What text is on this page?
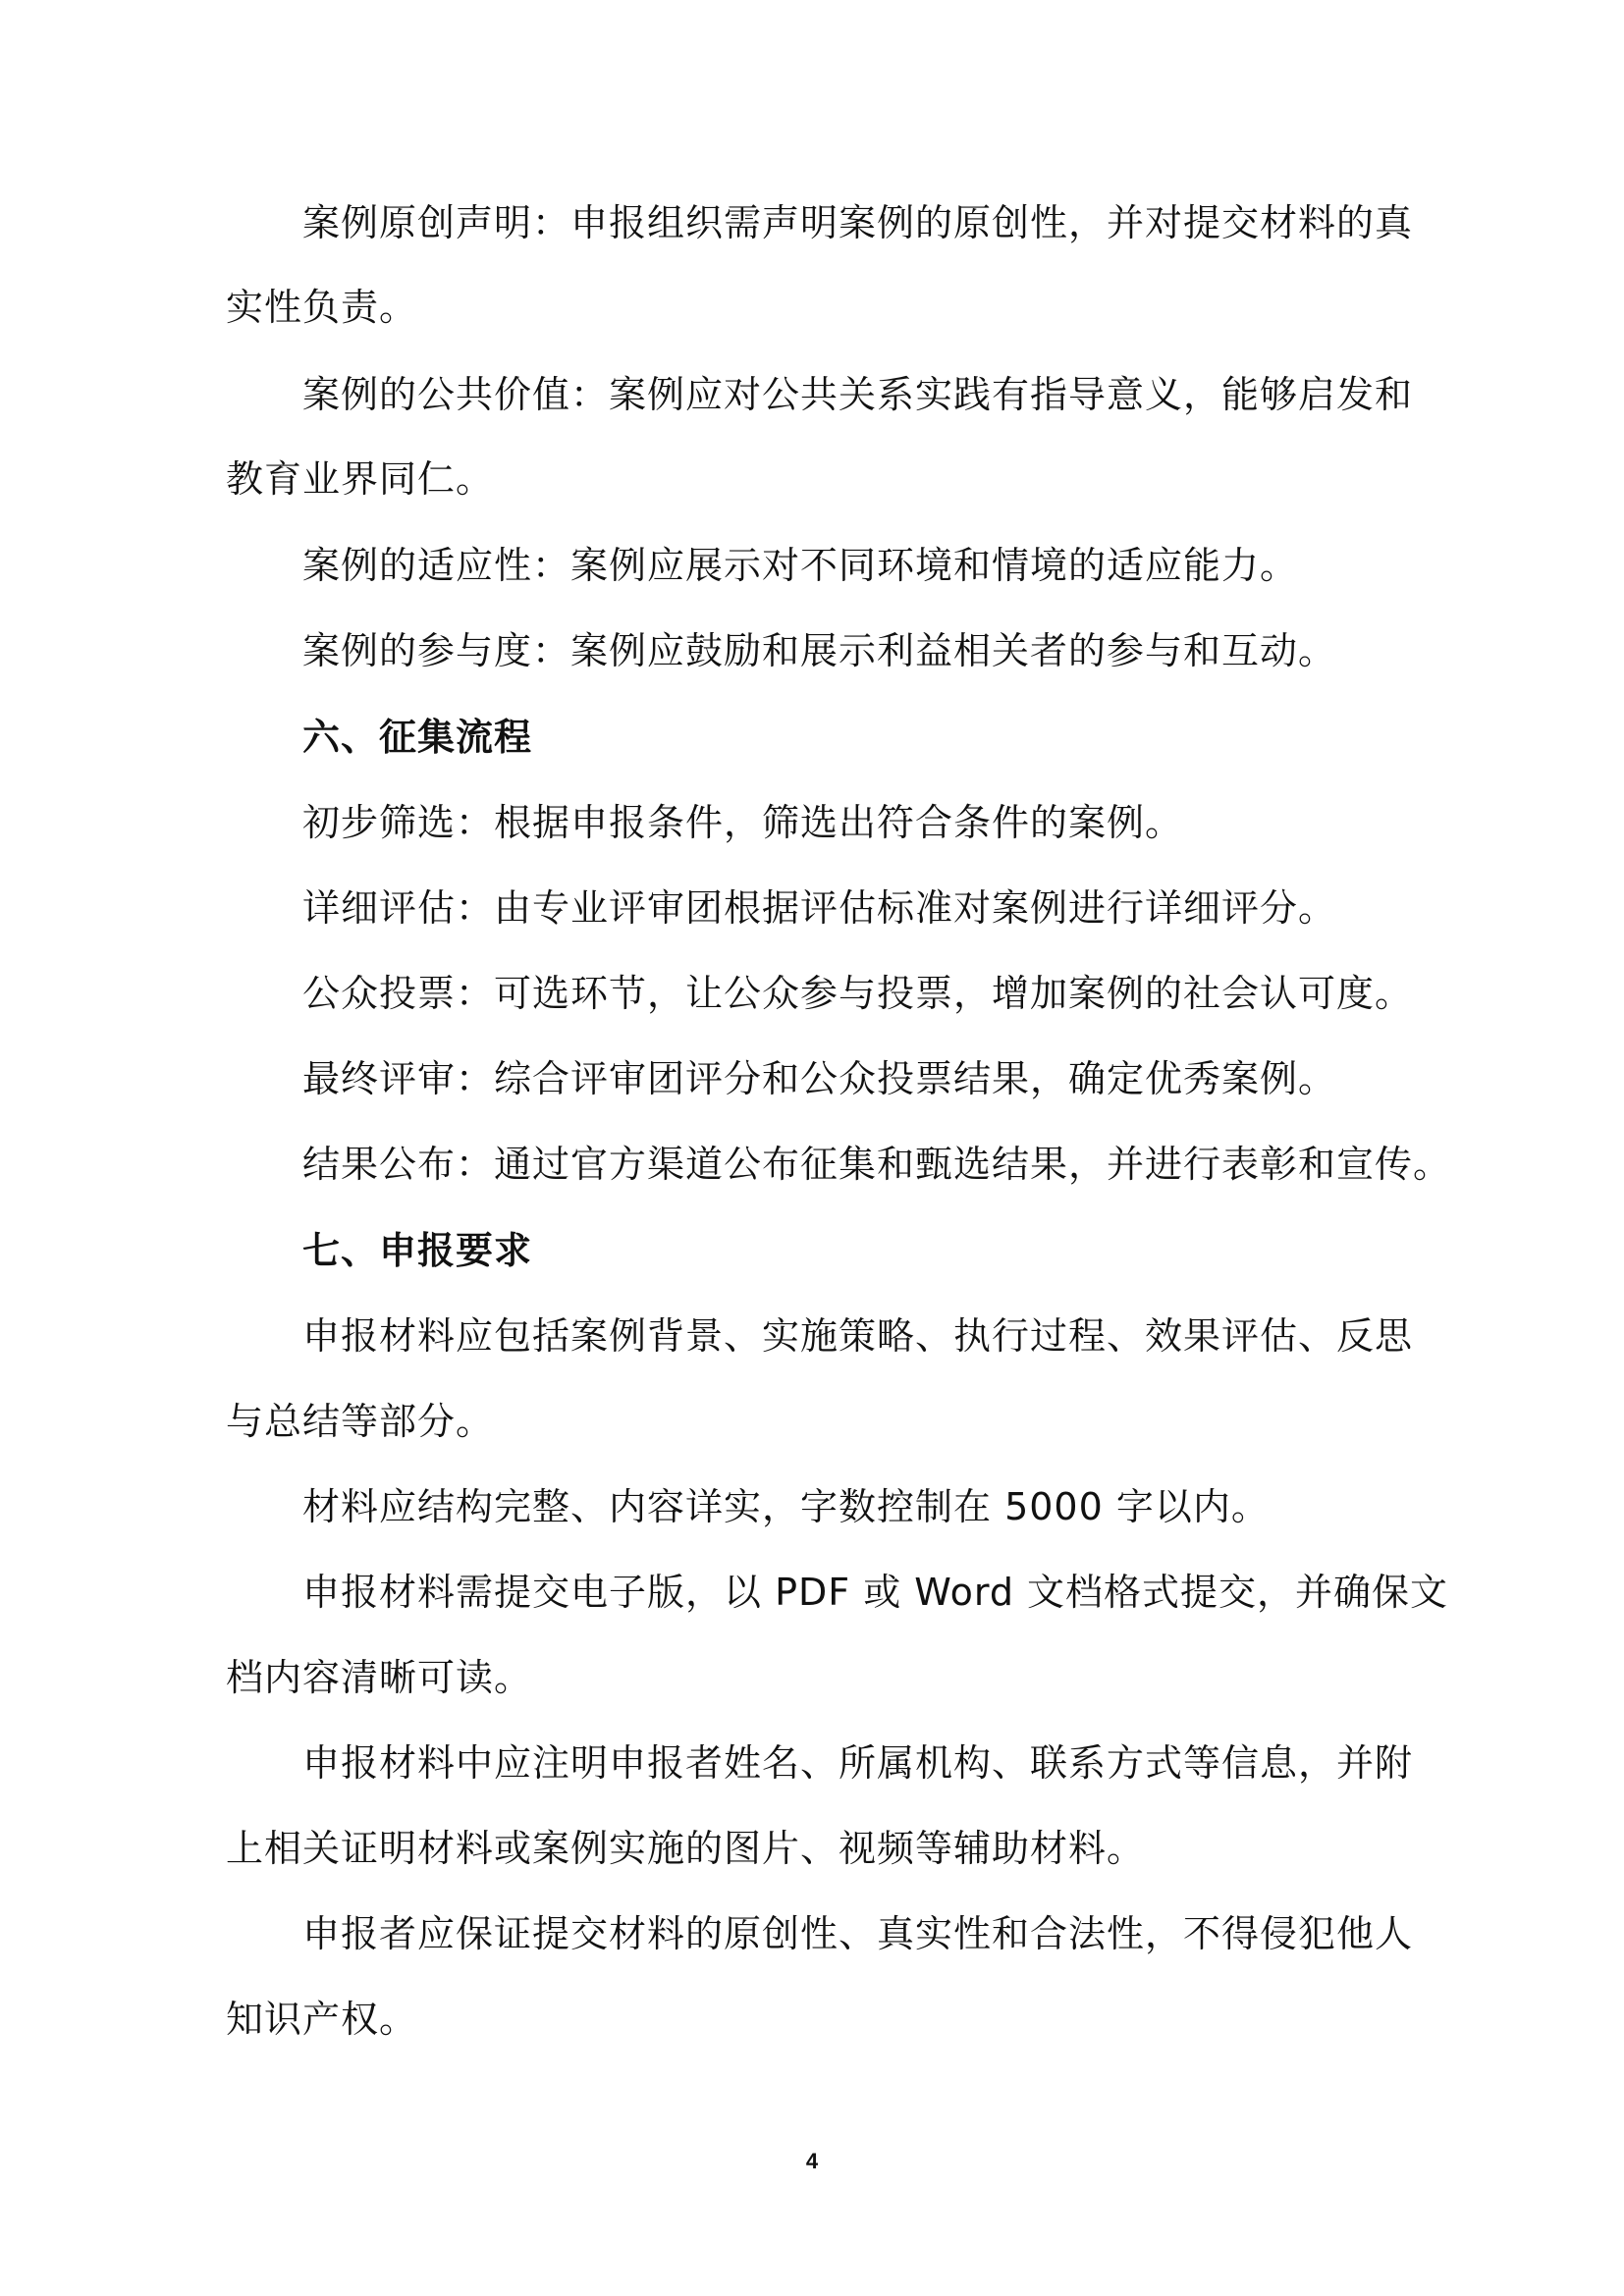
案例原创声明：申报组织需声明案例的原创性，并对提交材料的真
实性负责。
案例的公共价值：案例应对公共关系实践有指导意义，能够启发和
教育业界同仁。
案例的适应性：案例应展示对不同环境和情境的适应能力。
案例的参与度：案例应鼓励和展示利益相关者的参与和互动。
六、征集流程
初步筛选：根据申报条件，筛选出符合条件的案例。
详细评估：由专业评审团根据评估标准对案例进行详细评分。
公众投票：可选环节，让公众参与投票，增加案例的社会认可度。
最终评审：综合评审团评分和公众投票结果，确定优秀案例。
结果公布：通过官方渠道公布征集和甄选结果，并进行表彰和宣传。
七、申报要求
申报材料应包括案例背景、实施策略、执行过程、效果评估、反思
与总结等部分。
材料应结构完整、内容详实，字数控制在 5000 字以内。
申报材料需提交电子版，以 PDF 或 Word 文档格式提交，并确保文
档内容清晰可读。
申报材料中应注明申报者姓名、所属机构、联系方式等信息，并附
上相关证明材料或案例实施的图片、视频等辅助材料。
申报者应保证提交材料的原创性、真实性和合法性，不得侵犯他人
知识产权。
4
